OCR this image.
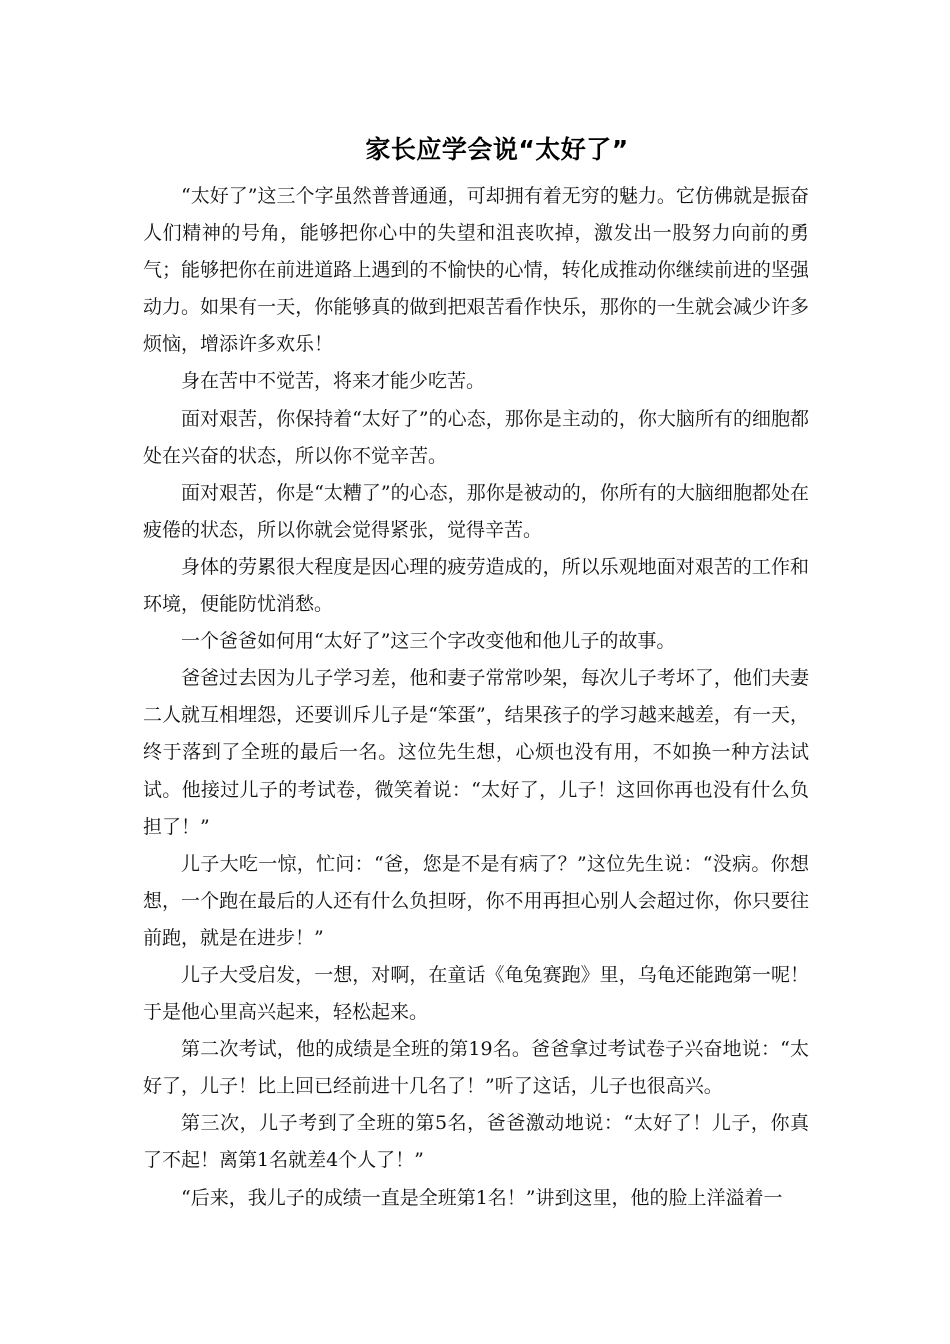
家长应学会说“太好了”

“太好了”这三个字虽然普普通通，可却拥有着无穷的魅力。它仿佛就是振奋人们精神的号角，能够把你心中的失望和沮丧吹掉，激发出一股努力向前的勇气；能够把你在前进道路上遇到的不愉快的心情，转化成推动你继续前进的坚强动力。如果有一天，你能够真的做到把艰苦看作快乐，那你的一生就会减少许多烦恼，增添许多欢乐！

身在苦中不觉苦，将来才能少吃苦。

面对艰苦，你保持着“太好了”的心态，那你是主动的，你大脑所有的细胞都处在兴奋的状态，所以你不觉辛苦。

面对艰苦，你是“太糟了”的心态，那你是被动的，你所有的大脑细胞都处在疲倦的状态，所以你就会觉得紧张，觉得辛苦。

身体的劳累很大程度是因心理的疲劳造成的，所以乐观地面对艰苦的工作和环境，便能防忧消愁。

一个爸爸如何用“太好了”这三个字改变他和他儿子的故事。

爸爸过去因为儿子学习差，他和妻子常常吵架，每次儿子考坏了，他们夫妻二人就互相埋怨，还要训斥儿子是“笨蛋”，结果孩子的学习越来越差，有一天，终于落到了全班的最后一名。这位先生想，心烦也没有用，不如换一种方法试试。他接过儿子的考试卷，微笑着说：“太好了，儿子！这回你再也没有什么负担了！”

儿子大吃一惊，忙问：“爸，您是不是有病了？”这位先生说：“没病。你想想，一个跑在最后的人还有什么负担呀，你不用再担心别人会超过你，你只要往前跑，就是在进步！”

儿子大受启发，一想，对啊，在童话《龟兔赛跑》里，乌龟还能跑第一呢！于是他心里高兴起来，轻松起来。

第二次考试，他的成绩是全班的第19名。爸爸拿过考试卷子兴奋地说：“太好了，儿子！比上回已经前进十几名了！”听了这话，儿子也很高兴。

第三次，儿子考到了全班的第5名，爸爸激动地说：“太好了！儿子，你真了不起！离第1名就差4个人了！”

“后来，我儿子的成绩一直是全班第1名！”讲到这里，他的脸上洋溢着一
